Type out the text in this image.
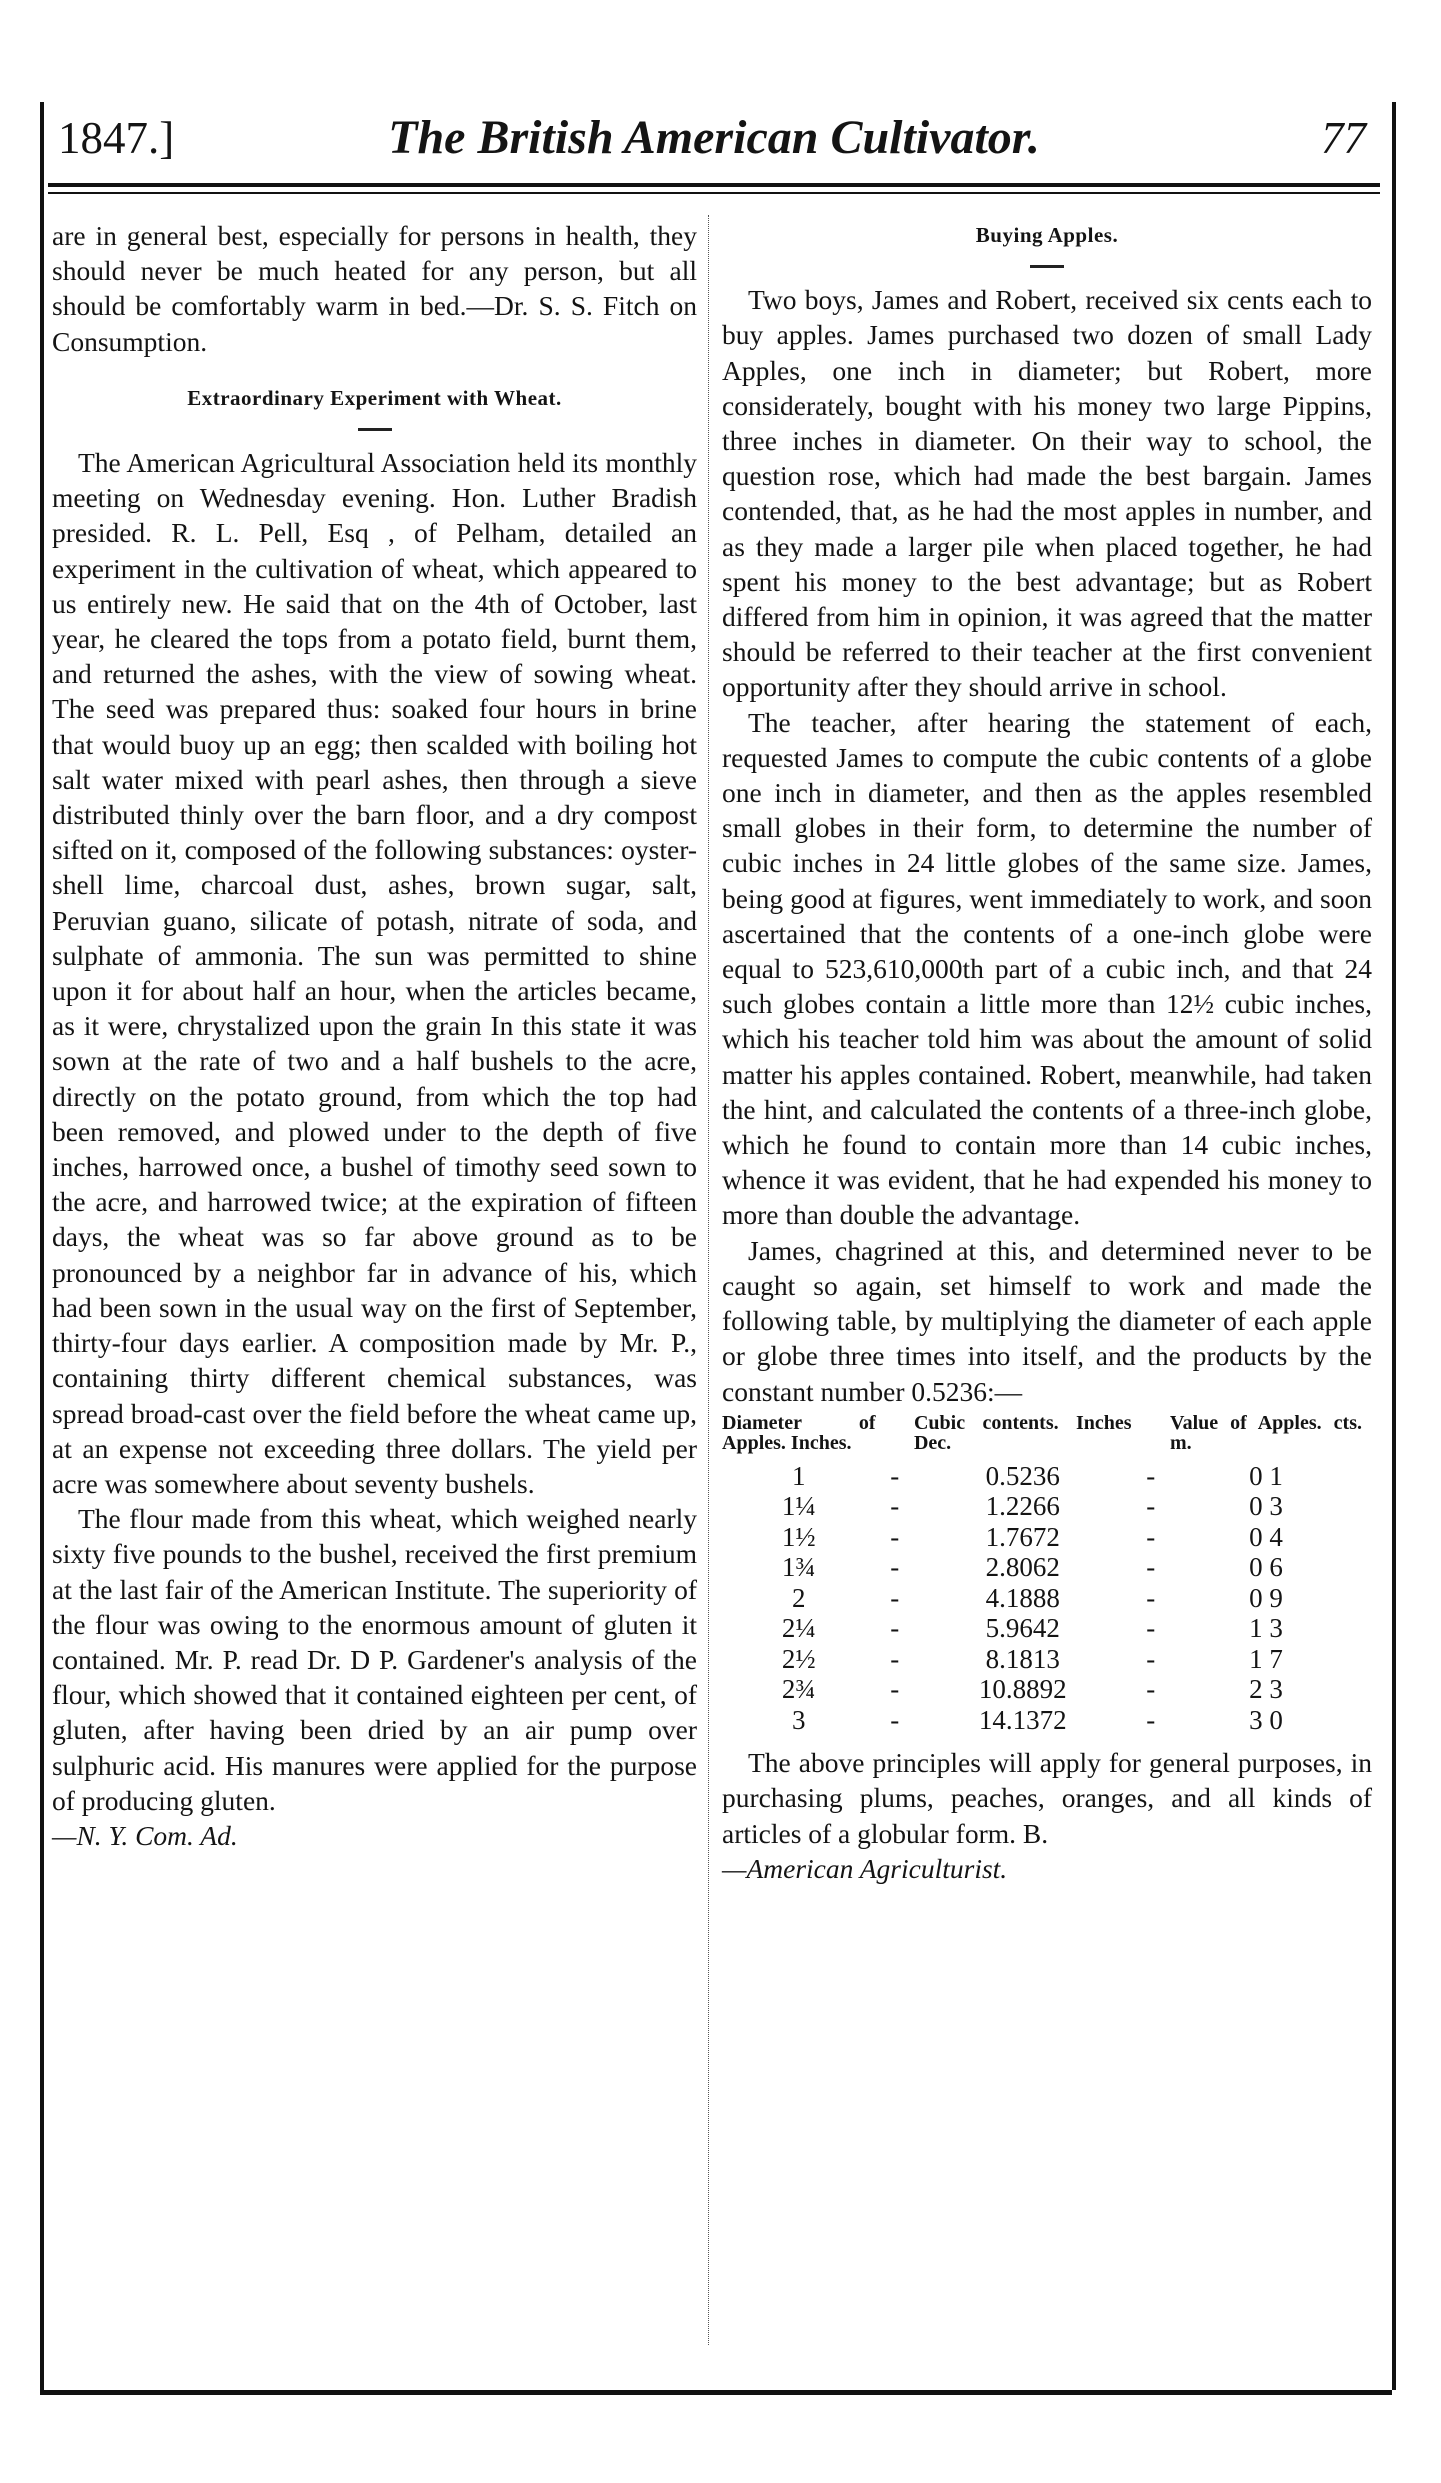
1847.]	The British American Cultivator.	77

are in general best, especially for persons in health, they should never be much heated for any person, but all should be comfortably warm in bed.—Dr. S. S. Fitch on Consumption.

Extraordinary Experiment with Wheat.

The American Agricultural Association held its monthly meeting on Wednesday evening. Hon. Luther Bradish presided. R. L. Pell, Esq , of Pelham, detailed an experiment in the cultivation of wheat, which appeared to us entirely new. He said that on the 4th of October, last year, he cleared the tops from a potato field, burnt them, and returned the ashes, with the view of sowing wheat. The seed was prepared thus: soaked four hours in brine that would buoy up an egg; then scalded with boiling hot salt water mixed with pearl ashes, then through a sieve distributed thinly over the barn floor, and a dry compost sifted on it, composed of the following substances: oyster-shell lime, charcoal dust, ashes, brown sugar, salt, Peruvian guano, silicate of potash, nitrate of soda, and sulphate of ammonia. The sun was permitted to shine upon it for about half an hour, when the articles became, as it were, chrystalized upon the grain In this state it was sown at the rate of two and a half bushels to the acre, directly on the potato ground, from which the top had been removed, and plowed under to the depth of five inches, harrowed once, a bushel of timothy seed sown to the acre, and harrowed twice; at the expiration of fifteen days, the wheat was so far above ground as to be pronounced by a neighbor far in advance of his, which had been sown in the usual way on the first of September, thirty-four days earlier. A composition made by Mr. P., containing thirty different chemical substances, was spread broad-cast over the field before the wheat came up, at an expense not exceeding three dollars. The yield per acre was somewhere about seventy bushels.

The flour made from this wheat, which weighed nearly sixty five pounds to the bushel, received the first premium at the last fair of the American Institute. The superiority of the flour was owing to the enormous amount of gluten it contained. Mr. P. read Dr. D P. Gardener's analysis of the flour, which showed that it contained eighteen per cent, of gluten, after having been dried by an air pump over sulphuric acid. His manures were applied for the purpose of producing gluten.

—N. Y. Com. Ad.

Buying Apples.

Two boys, James and Robert, received six cents each to buy apples. James purchased two dozen of small Lady Apples, one inch in diameter; but Robert, more considerately, bought with his money two large Pippins, three inches in diameter. On their way to school, the question rose, which had made the best bargain. James contended, that, as he had the most apples in number, and as they made a larger pile when placed together, he had spent his money to the best advantage; but as Robert differed from him in opinion, it was agreed that the matter should be referred to their teacher at the first convenient opportunity after they should arrive in school.

The teacher, after hearing the statement of each, requested James to compute the cubic contents of a globe one inch in diameter, and then as the apples resembled small globes in their form, to determine the number of cubic inches in 24 little globes of the same size. James, being good at figures, went immediately to work, and soon ascertained that the contents of a one-inch globe were equal to 523,610,000th part of a cubic inch, and that 24 such globes contain a little more than 12½ cubic inches, which his teacher told him was about the amount of solid matter his apples contained. Robert, meanwhile, had taken the hint, and calculated the contents of a three-inch globe, which he found to contain more than 14 cubic inches, whence it was evident, that he had expended his money to more than double the advantage.

James, chagrined at this, and determined never to be caught so again, set himself to work and made the following table, by multiplying the diameter of each apple or globe three times into itself, and the products by the constant number 0.5236:—

Diameter of Apples. Inches.		Cubic contents. Inches Dec.		Value of Apples. cts. m.
1	-	0.5236	-	0 1
1¼	-	1.2266	-	0 3
1½	-	1.7672	-	0 4
1¾	-	2.8062	-	0 6
2	-	4.1888	-	0 9
2¼	-	5.9642	-	1 3
2½	-	8.1813	-	1 7
2¾	-	10.8892	-	2 3
3	-	14.1372	-	3 0

The above principles will apply for general purposes, in purchasing plums, peaches, oranges, and all kinds of articles of a globular form. B.

—American Agriculturist.
